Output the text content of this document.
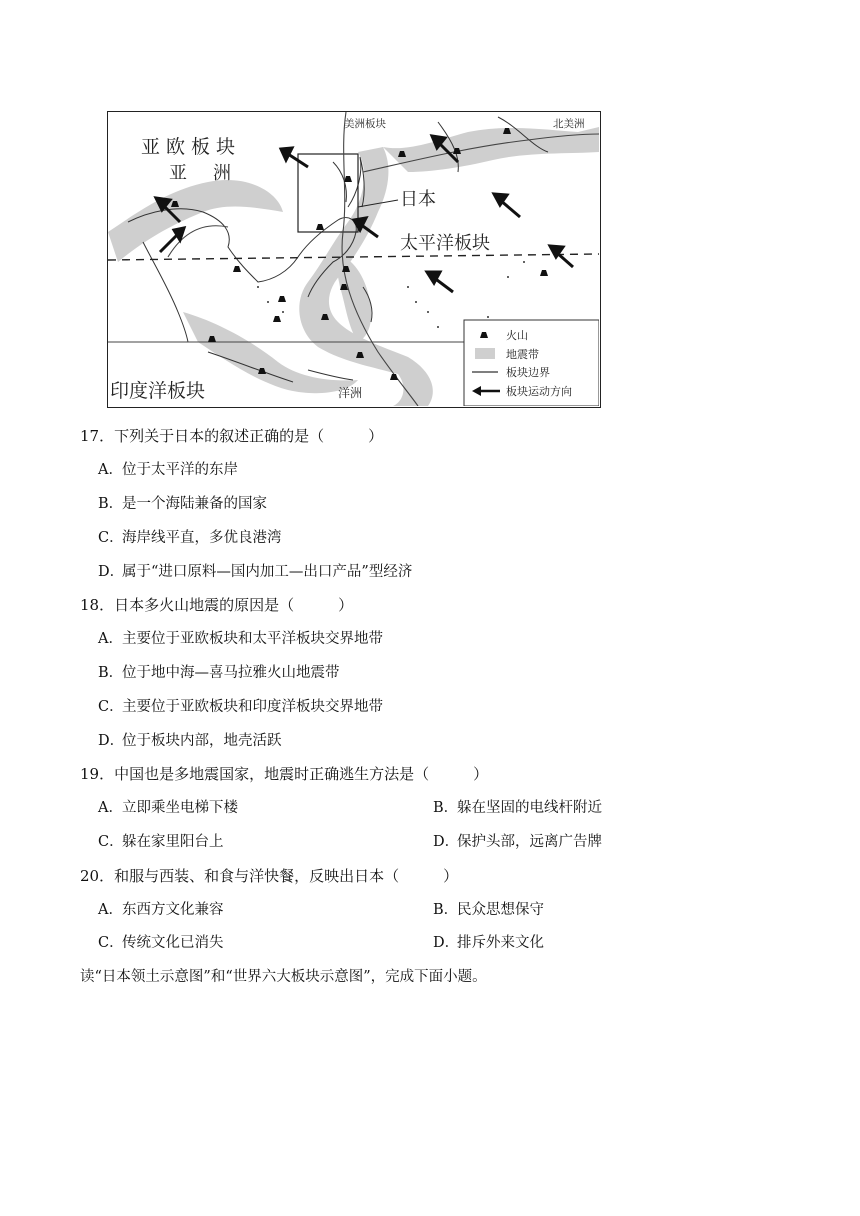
火山
地震带
板块边界
板块运动方向
亚欧板块
亚　洲
美洲板块	北美洲
日本
太平洋板块
印度洋板块	洋洲
17．下列关于日本的叙述正确的是（	）
A．位于太平洋的东岸
B．是一个海陆兼备的国家
C．海岸线平直，多优良港湾
D．属于“进口原料—国内加工—出口产品”型经济
18．日本多火山地震的原因是（	）
A．主要位于亚欧板块和太平洋板块交界地带
B．位于地中海—喜马拉雅火山地震带
C．主要位于亚欧板块和印度洋板块交界地带
D．位于板块内部，地壳活跃
19．中国也是多地震国家，地震时正确逃生方法是（	）
A．立即乘坐电梯下楼	B．躲在坚固的电线杆附近
C．躲在家里阳台上	D．保护头部，远离广告牌
20．和服与西装、和食与洋快餐，反映出日本（	）
A．东西方文化兼容	B．民众思想保守
C．传统文化已消失	D．排斥外来文化
读“日本领土示意图”和“世界六大板块示意图”，完成下面小题。
